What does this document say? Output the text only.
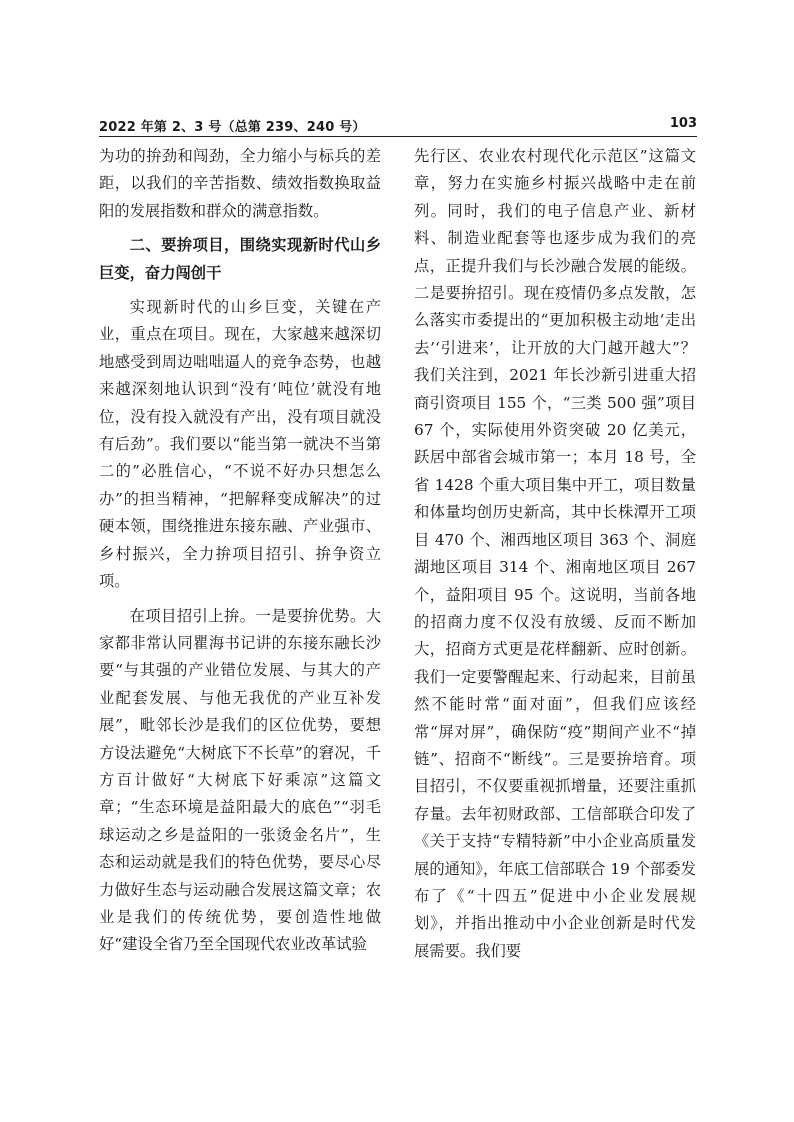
2022 年第 2、3 号（总第 239、240 号）	103

为功的拚劲和闯劲，全力缩小与标兵的差距，以我们的辛苦指数、绩效指数换取益阳的发展指数和群众的满意指数。

二、要拚项目，围绕实现新时代山乡巨变，奋力闯创干

实现新时代的山乡巨变，关键在产业，重点在项目。现在，大家越来越深切地感受到周边咄咄逼人的竞争态势，也越来越深刻地认识到“没有‘吨位’就没有地位，没有投入就没有产出，没有项目就没有后劲”。我们要以“能当第一就决不当第二的”必胜信心，“不说不好办只想怎么办”的担当精神，“把解释变成解决”的过硬本领，围绕推进东接东融、产业强市、乡村振兴，全力拚项目招引、拚争资立项。

在项目招引上拚。一是要拚优势。大家都非常认同瞿海书记讲的东接东融长沙要“与其强的产业错位发展、与其大的产业配套发展、与他无我优的产业互补发展”，毗邻长沙是我们的区位优势，要想方设法避免“大树底下不长草”的窘况，千方百计做好“大树底下好乘凉”这篇文章；“生态环境是益阳最大的底色”“羽毛球运动之乡是益阳的一张烫金名片”，生态和运动就是我们的特色优势，要尽心尽力做好生态与运动融合发展这篇文章；农业是我们的传统优势，要创造性地做好“建设全省乃至全国现代农业改革试验

先行区、农业农村现代化示范区”这篇文章，努力在实施乡村振兴战略中走在前列。同时，我们的电子信息产业、新材料、制造业配套等也逐步成为我们的亮点，正提升我们与长沙融合发展的能级。二是要拚招引。现在疫情仍多点发散，怎么落实市委提出的“更加积极主动地‘走出去’‘引进来’，让开放的大门越开越大”？我们关注到，2021 年长沙新引进重大招商引资项目 155 个，“三类 500 强”项目 67 个，实际使用外资突破 20 亿美元，跃居中部省会城市第一；本月 18 号，全省 1428 个重大项目集中开工，项目数量和体量均创历史新高，其中长株潭开工项目 470 个、湘西地区项目 363 个、洞庭湖地区项目 314 个、湘南地区项目 267 个，益阳项目 95 个。这说明，当前各地的招商力度不仅没有放缓、反而不断加大，招商方式更是花样翻新、应时创新。我们一定要警醒起来、行动起来，目前虽然不能时常“面对面”，但我们应该经常“屏对屏”，确保防“疫”期间产业不“掉链”、招商不“断线”。三是要拚培育。项目招引，不仅要重视抓增量，还要注重抓存量。去年初财政部、工信部联合印发了《关于支持“专精特新”中小企业高质量发展的通知》，年底工信部联合 19 个部委发布了《“十四五”促进中小企业发展规划》，并指出推动中小企业创新是时代发展需要。我们要
